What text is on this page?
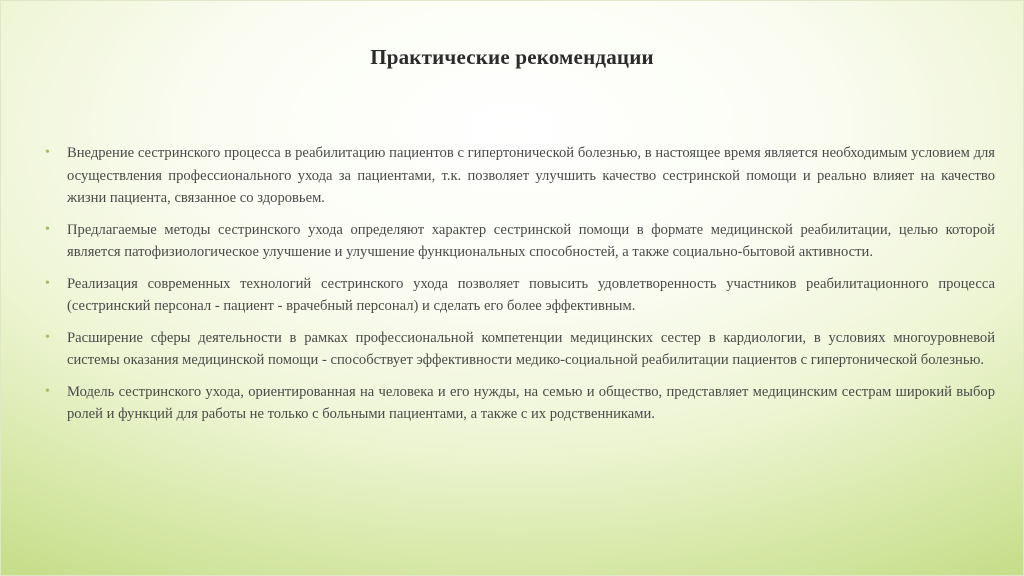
Практические рекомендации
• Внедрение сестринского процесса в реабилитацию пациентов с гипертонической болезнью, в настоящее время является необходимым условием для осуществления профессионального ухода за пациентами, т.к. позволяет улучшить качество сестринской помощи и реально влияет на качество жизни пациента, связанное со здоровьем.
• Предлагаемые методы сестринского ухода определяют характер сестринской помощи в формате медицинской реабилитации, целью которой является патофизиологическое улучшение и улучшение функциональных способностей, а также социально-бытовой активности.
• Реализация современных технологий сестринского ухода позволяет повысить удовлетворенность участников реабилитационного процесса (сестринский персонал - пациент - врачебный персонал) и сделать его более эффективным.
• Расширение сферы деятельности в рамках профессиональной компетенции медицинских сестер в кардиологии, в условиях многоуровневой системы оказания медицинской помощи - способствует эффективности медико-социальной реабилитации пациентов с гипертонической болезнью.
• Модель сестринского ухода, ориентированная на человека и его нужды, на семью и общество, представляет медицинским сестрам широкий выбор ролей и функций для работы не только с больными пациентами, а также с их родственниками.
